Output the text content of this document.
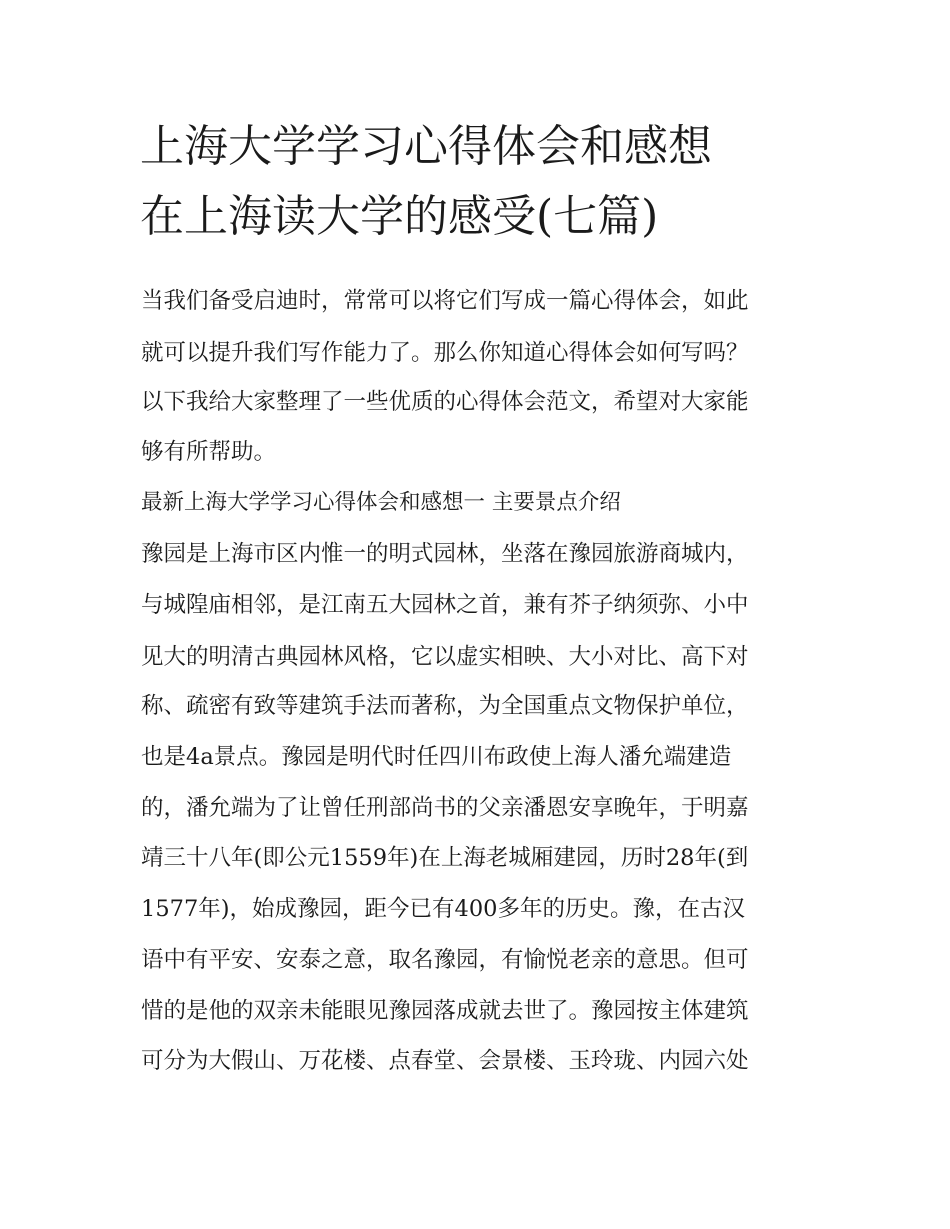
上海大学学习心得体会和感想
在上海读大学的感受(七篇)

当我们备受启迪时，常常可以将它们写成一篇心得体会，如此

就可以提升我们写作能力了。那么你知道心得体会如何写吗？

以下我给大家整理了一些优质的心得体会范文，希望对大家能

够有所帮助。

最新上海大学学习心得体会和感想一 主要景点介绍

豫园是上海市区内惟一的明式园林，坐落在豫园旅游商城内，

与城隍庙相邻，是江南五大园林之首，兼有芥子纳须弥、小中

见大的明清古典园林风格，它以虚实相映、大小对比、高下对

称、疏密有致等建筑手法而著称，为全国重点文物保护单位，

也是4a景点。豫园是明代时任四川布政使上海人潘允端建造

的，潘允端为了让曾任刑部尚书的父亲潘恩安享晚年，于明嘉

靖三十八年(即公元1559年)在上海老城厢建园，历时28年(到

1577年)，始成豫园，距今已有400多年的历史。豫，在古汉

语中有平安、安泰之意，取名豫园，有愉悦老亲的意思。但可

惜的是他的双亲未能眼见豫园落成就去世了。豫园按主体建筑

可分为大假山、万花楼、点春堂、会景楼、玉玲珑、内园六处
